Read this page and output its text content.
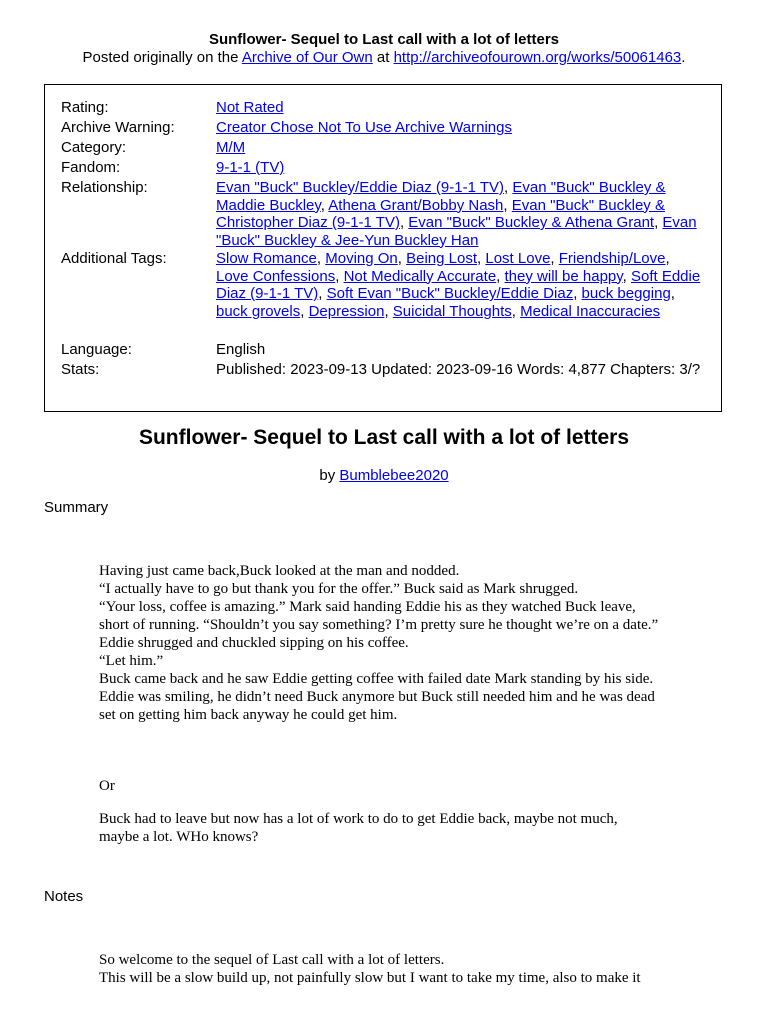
Sunflower- Sequel to Last call with a lot of letters
Posted originally on the Archive of Our Own at http://archiveofourown.org/works/50061463.
Rating:	Not Rated
Archive Warning:	Creator Chose Not To Use Archive Warnings
Category:	M/M
Fandom:	9-1-1 (TV)
Relationship:	Evan "Buck" Buckley/Eddie Diaz (9-1-1 TV), Evan "Buck" Buckley & Maddie Buckley, Athena Grant/Bobby Nash, Evan "Buck" Buckley & Christopher Diaz (9-1-1 TV), Evan "Buck" Buckley & Athena Grant, Evan "Buck" Buckley & Jee-Yun Buckley Han
Additional Tags:	Slow Romance, Moving On, Being Lost, Lost Love, Friendship/Love, Love Confessions, Not Medically Accurate, they will be happy, Soft Eddie Diaz (9-1-1 TV), Soft Evan "Buck" Buckley/Eddie Diaz, buck begging, buck grovels, Depression, Suicidal Thoughts, Medical Inaccuracies
Language:	English
Stats:	Published: 2023-09-13 Updated: 2023-09-16 Words: 4,877 Chapters: 3/?
Sunflower- Sequel to Last call with a lot of letters
by Bumblebee2020
Summary

Having just came back,Buck looked at the man and nodded.

“I actually have to go but thank you for the offer.” Buck said as Mark shrugged.

“Your loss, coffee is amazing.” Mark said handing Eddie his as they watched Buck leave, short of running. “Shouldn’t you say something? I’m pretty sure he thought we’re on a date.”

Eddie shrugged and chuckled sipping on his coffee.

“Let him.”

Buck came back and he saw Eddie getting coffee with failed date Mark standing by his side.

Eddie was smiling, he didn’t need Buck anymore but Buck still needed him and he was dead set on getting him back anyway he could get him.

Or
Buck had to leave but now has a lot of work to do to get Eddie back, maybe not much, maybe a lot. WHo knows?
Notes

So welcome to the sequel of Last call with a lot of letters.

This will be a slow build up, not painfully slow but I want to take my time, also to make it
